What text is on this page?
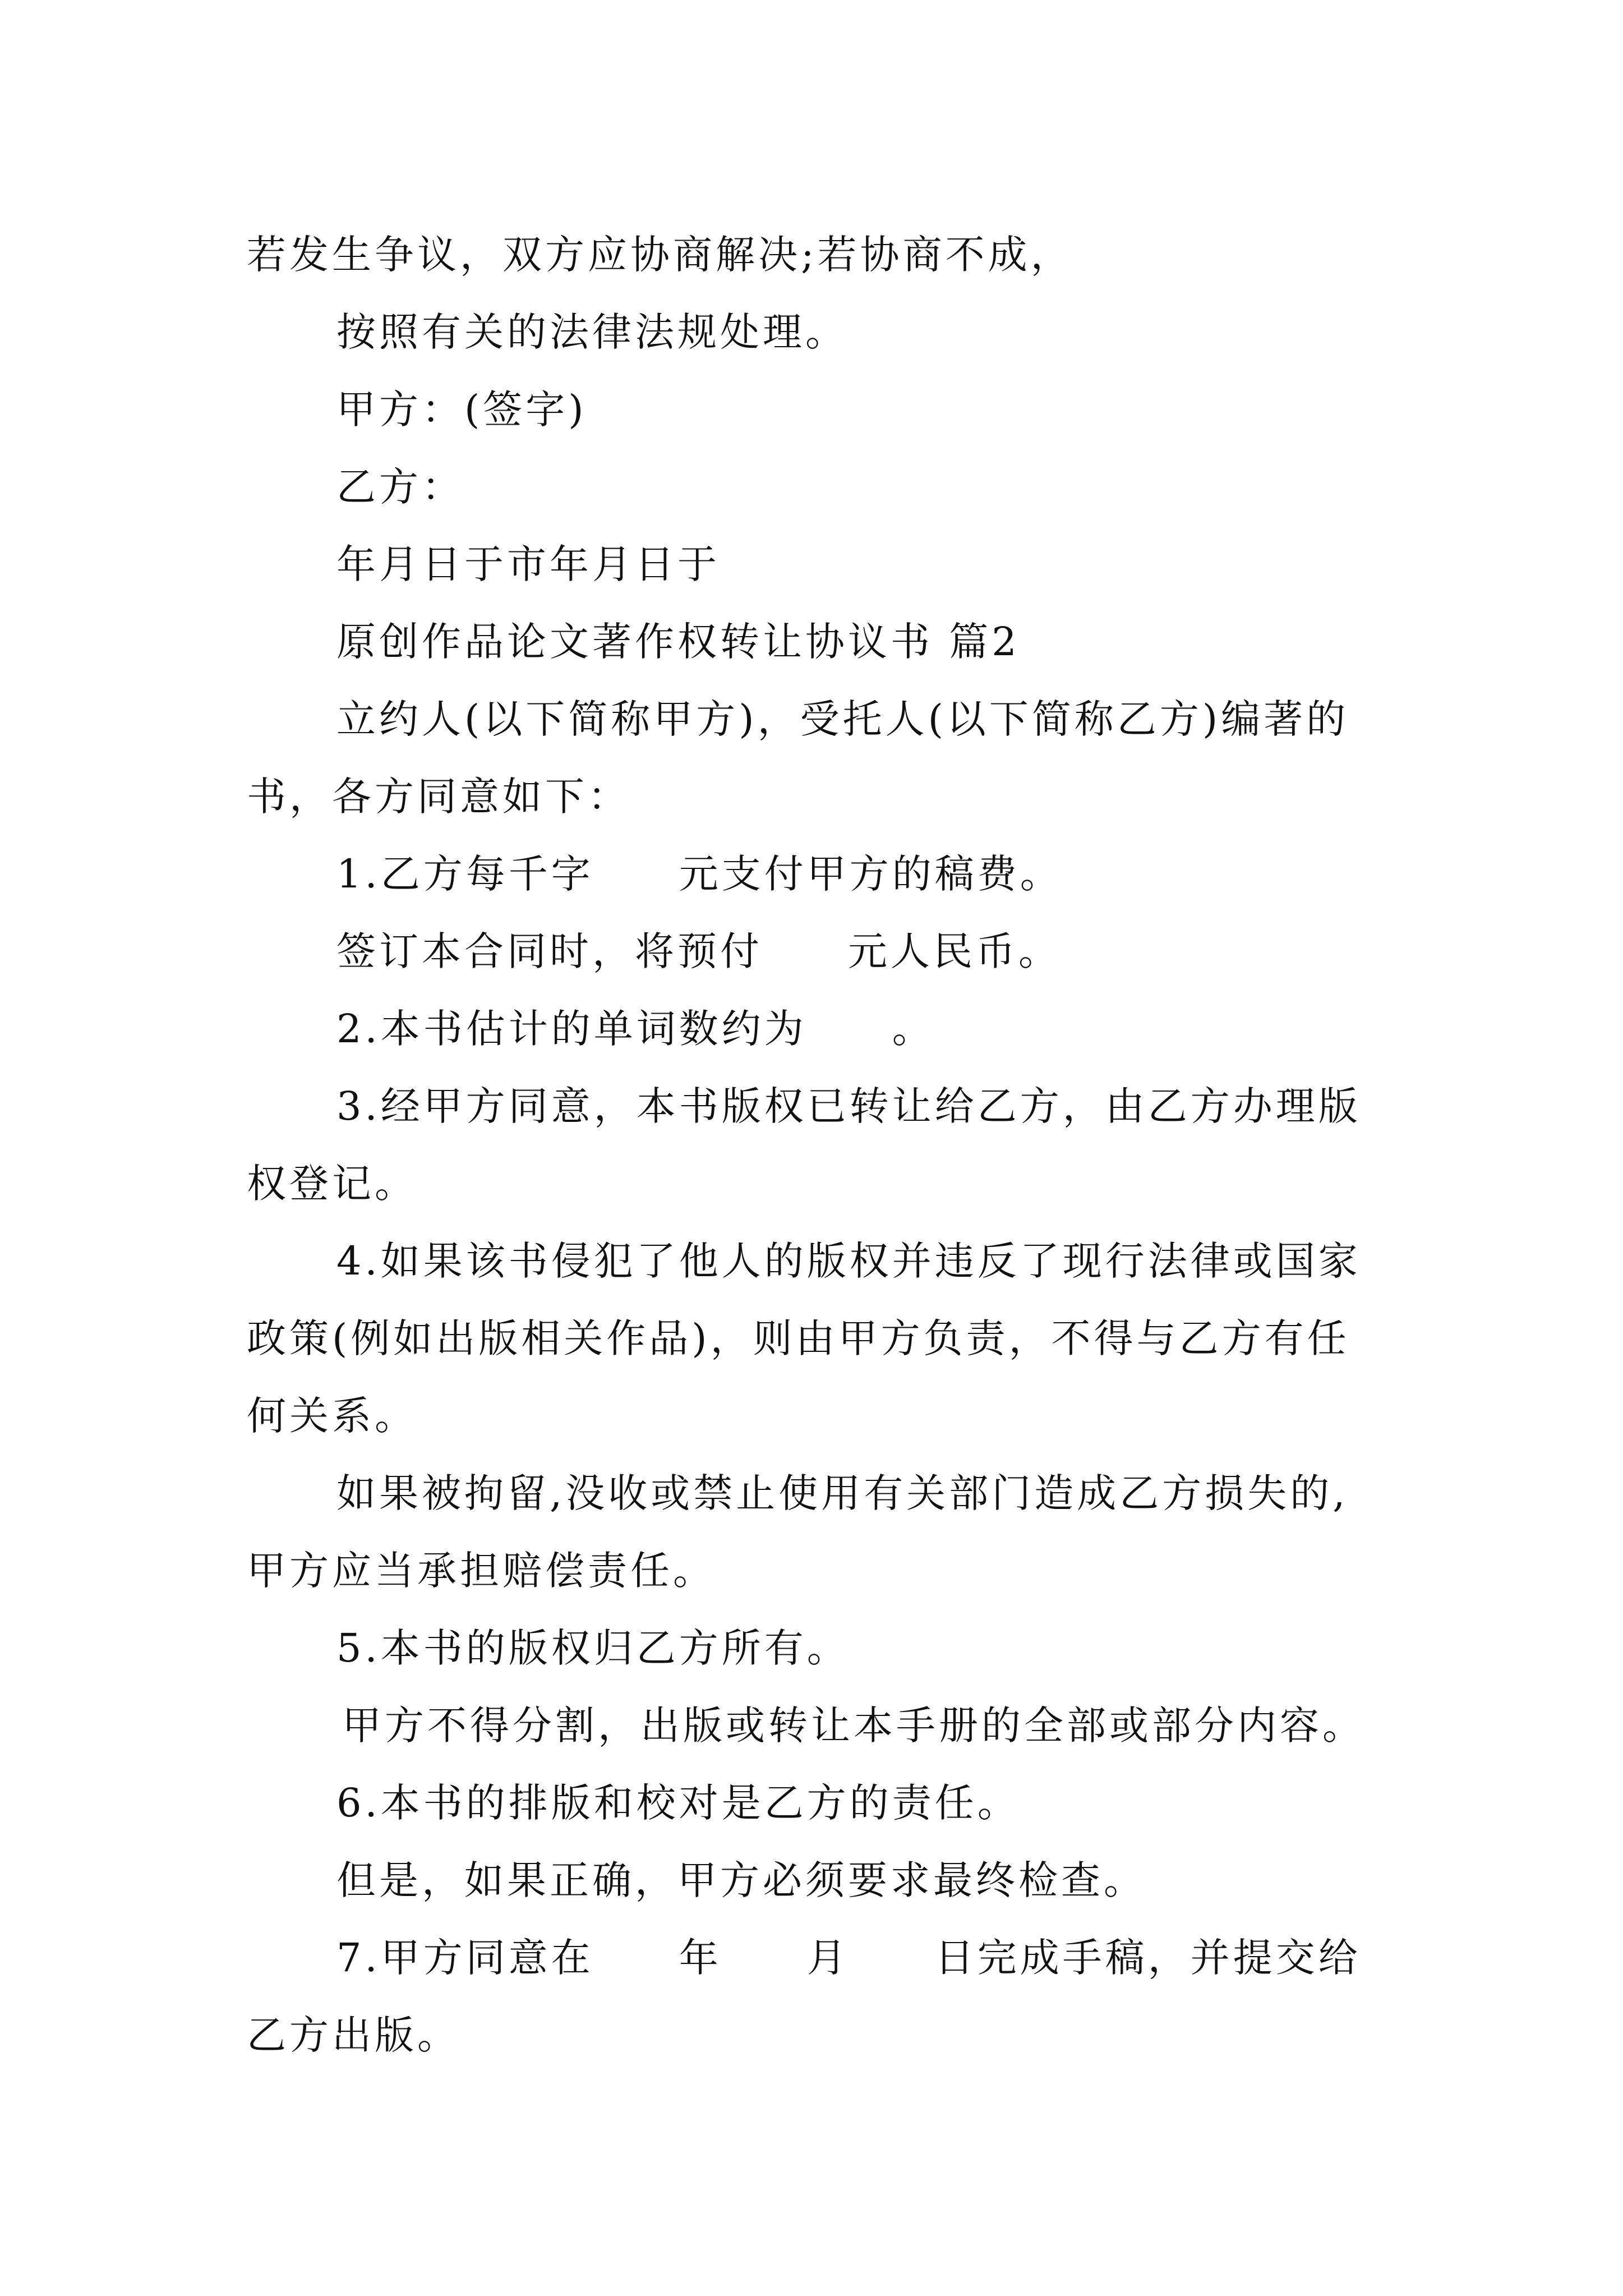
若发生争议，双方应协商解决;若协商不成，

按照有关的法律法规处理。

甲方：(签字)

乙方：

年月日于市年月日于

原创作品论文著作权转让协议书 篇2

立约人(以下简称甲方)，受托人(以下简称乙方)编著的书，各方同意如下：

1.乙方每千字　　元支付甲方的稿费。

签订本合同时，将预付　　元人民币。

2.本书估计的单词数约为　　。

3.经甲方同意，本书版权已转让给乙方，由乙方办理版权登记。

4.如果该书侵犯了他人的版权并违反了现行法律或国家政策(例如出版相关作品)，则由甲方负责，不得与乙方有任何关系。

如果被拘留,没收或禁止使用有关部门造成乙方损失的,甲方应当承担赔偿责任。

5.本书的版权归乙方所有。

甲方不得分割，出版或转让本手册的全部或部分内容。

6.本书的排版和校对是乙方的责任。

但是，如果正确，甲方必须要求最终检查。

7.甲方同意在　　年　　月　　日完成手稿，并提交给乙方出版。
